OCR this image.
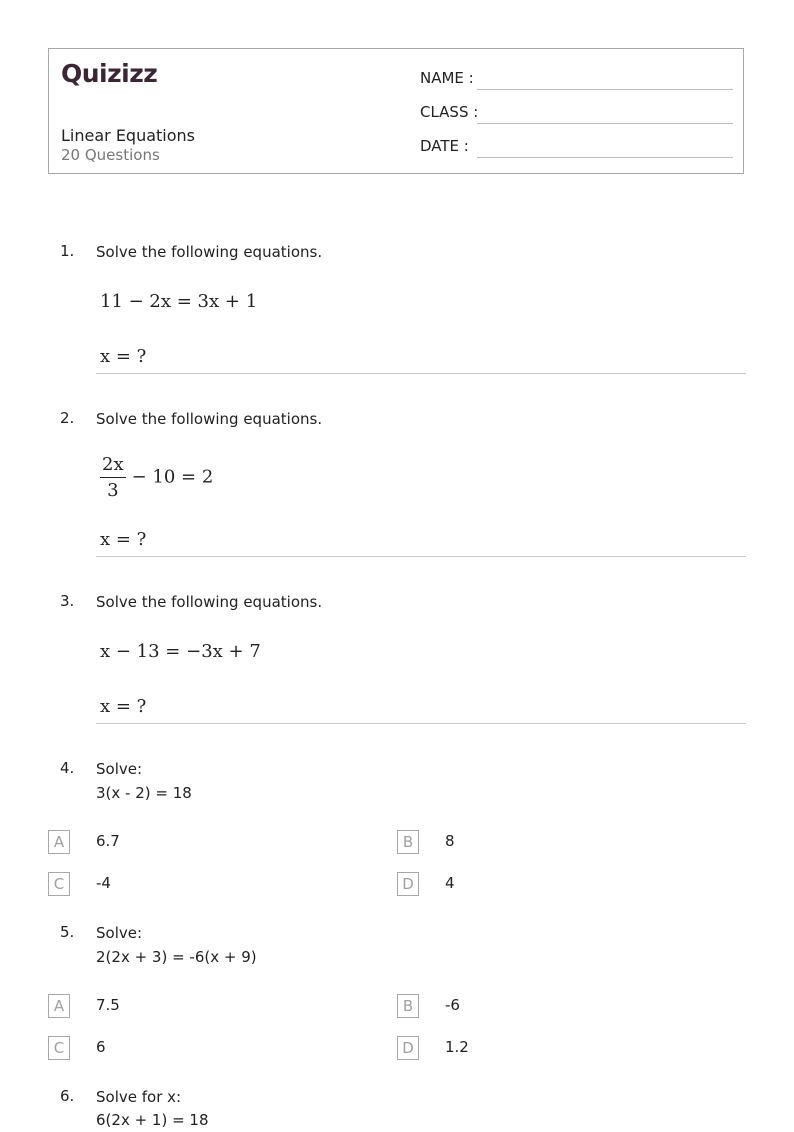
Quizizz
Linear Equations
20 Questions
NAME :
CLASS :
DATE :
1. Solve the following equations.
11 − 2x = 3x + 1
x = ?
2. Solve the following equations.
$\frac{2x}{3} - 10 = 2$
x = ?
3. Solve the following equations.
x − 13 = −3x + 7
x = ?
4. Solve:
3(x - 2) = 18
A	6.7	B	8
C	-4	D	4
5. Solve:
2(2x + 3) = -6(x + 9)
A	7.5	B	-6
C	6	D	1.2
6. Solve for x:
6(2x + 1) = 18
